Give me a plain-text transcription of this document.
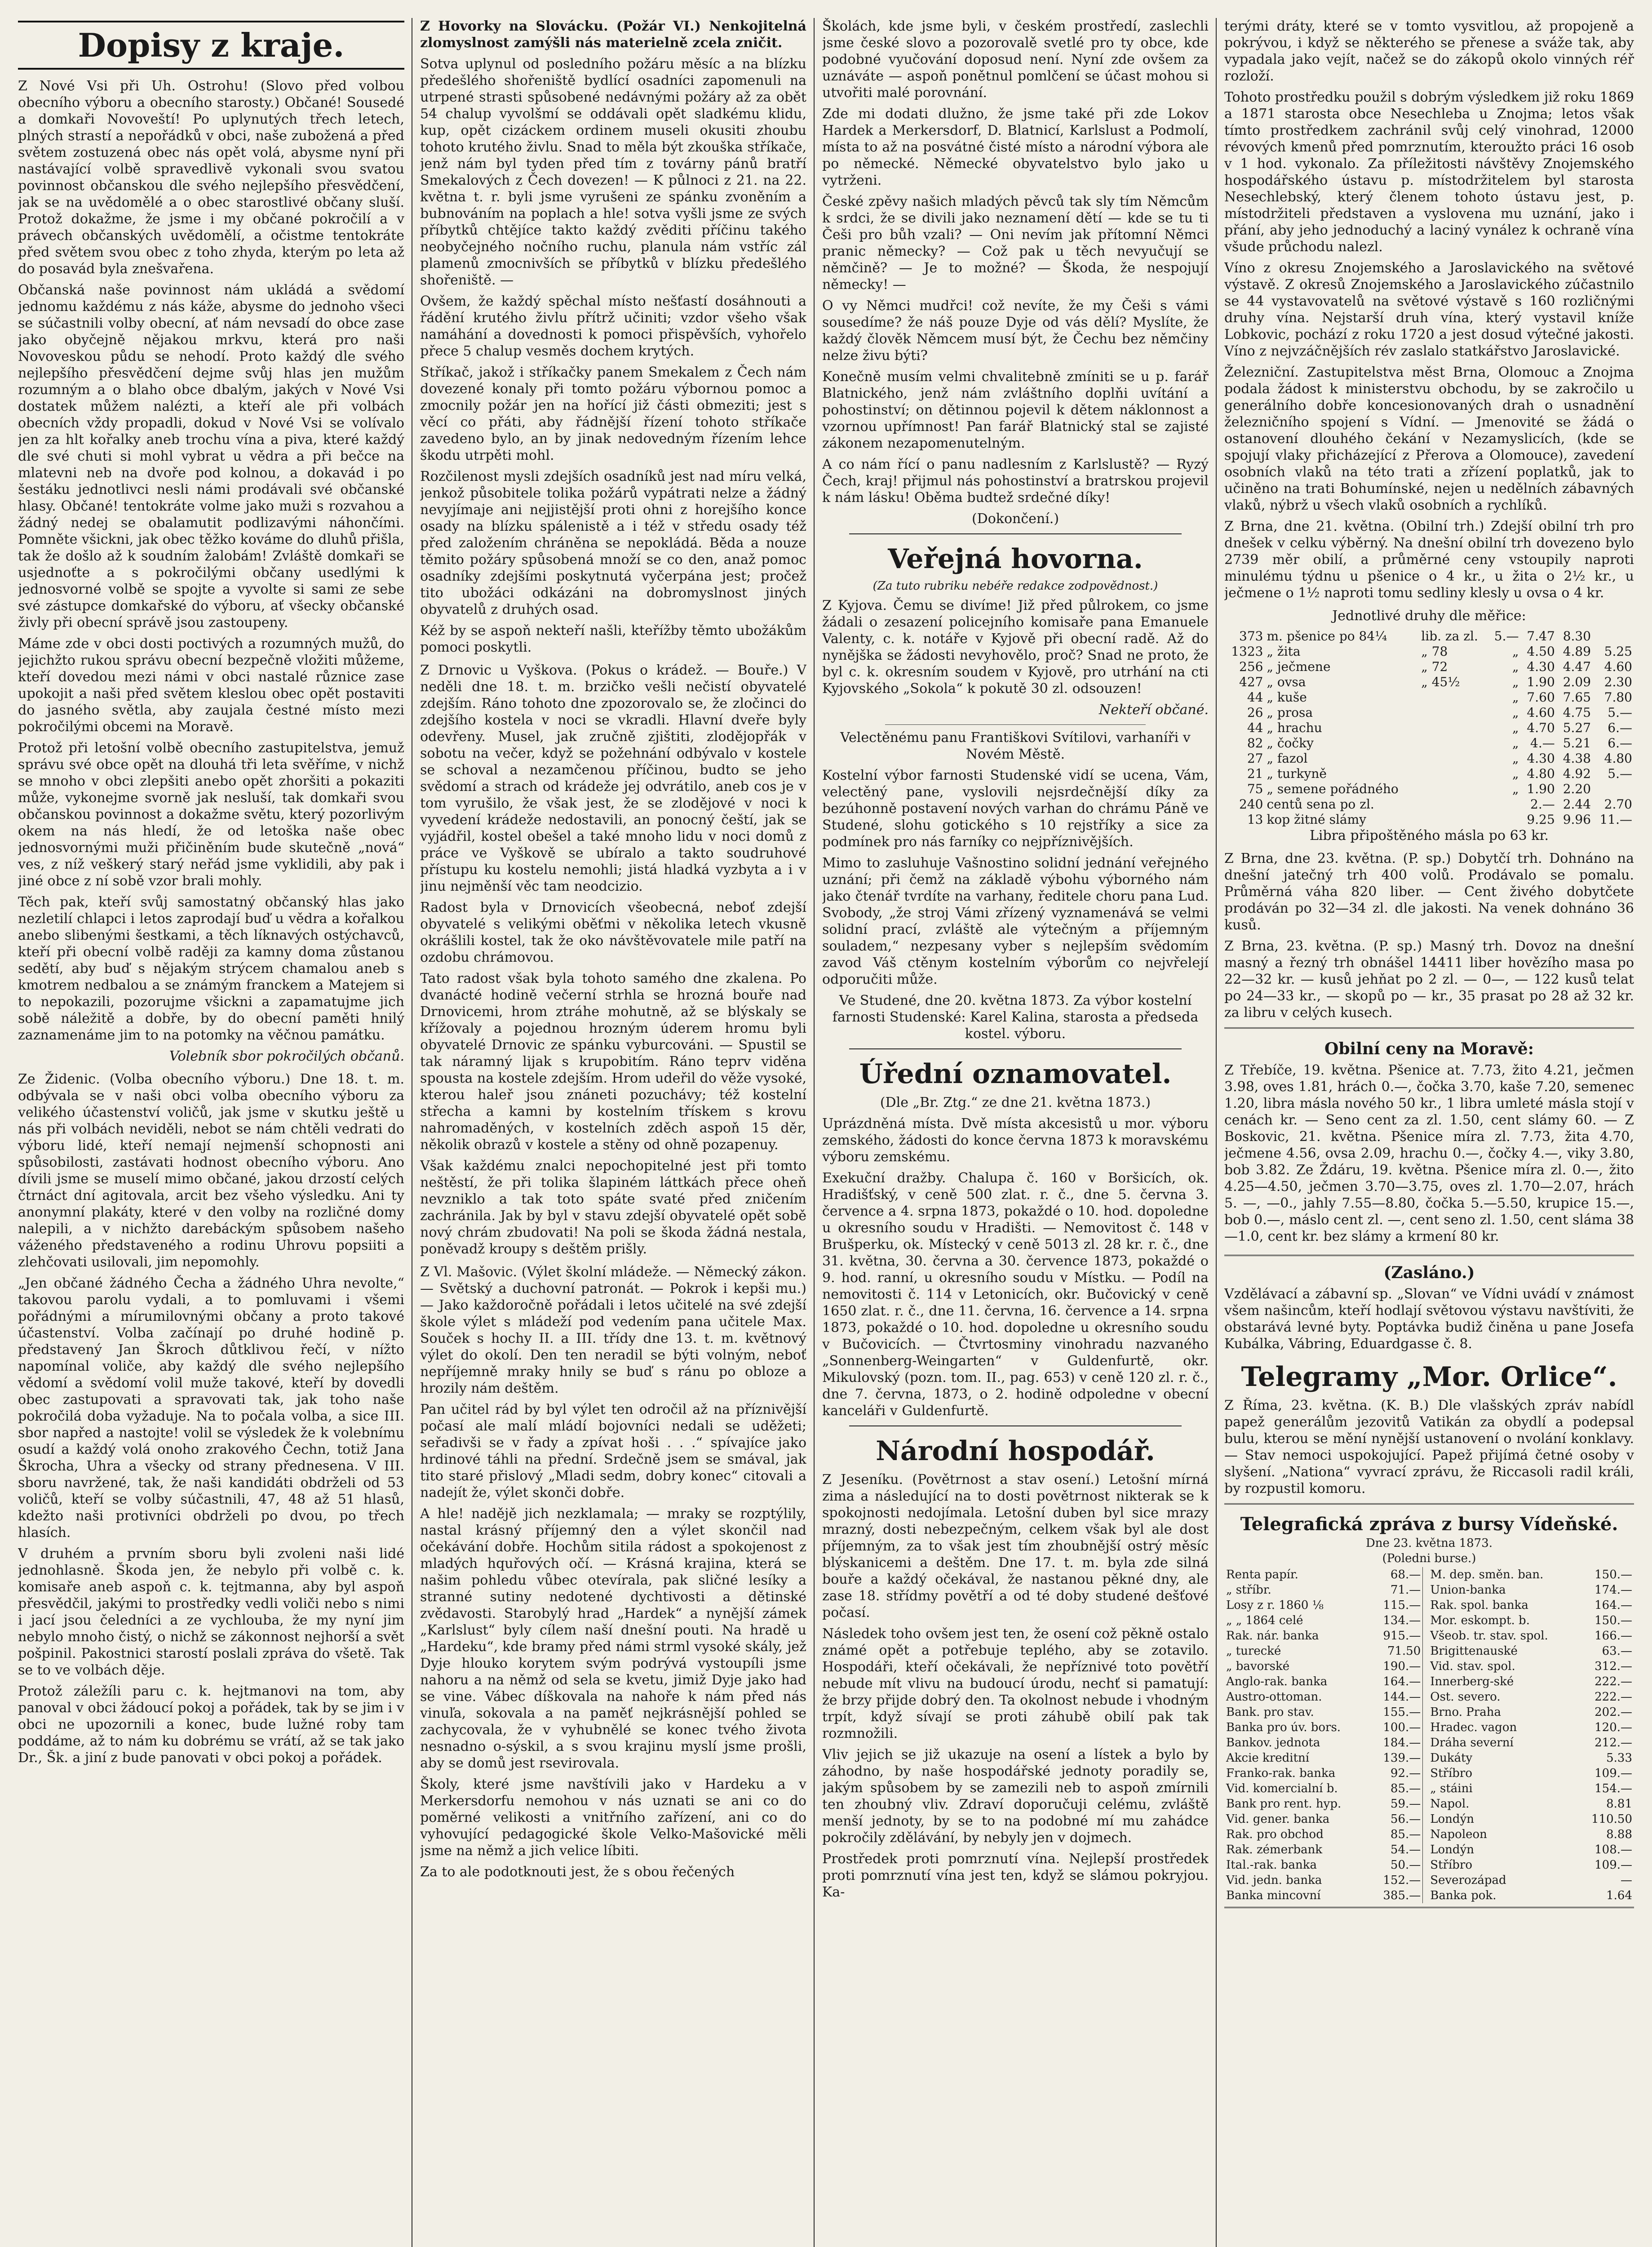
Dopisy z kraje.

Z Nové Vsi při Uh. Ostrohu! (Slovo před volbou obecního výboru a obecního starosty.) Občané! Sousedé a domkaři Novoveští! Po uplynutých třech letech, plných strastí a nepořádků v obci, naše zubožená a před světem zostuzená obec nás opět volá, abysme nyní při nastávající volbě spravedlivě vykonali svou svatou povinnost občanskou dle svého nejlepšího přesvědčení, jak se na uvědomělé a o obec starostlivé občany sluší. Protož dokažme, že jsme i my občané pokročilí a v právech občanských uvědomělí, a očistme tentokráte před světem svou obec z toho zhyda, kterým po leta až do posavád byla znešvařena.

Občanská naše povinnost nám ukládá a svědomí jednomu každému z nás káže, abysme do jednoho všeci se súčastnili volby obecní, ať nám nevsadí do obce zase jako obyčejně nějakou mrkvu, která pro naši Novoveskou půdu se nehodí. Proto každý dle svého nejlepšího přesvědčení dejme svůj hlas jen mužům rozumným a o blaho obce dbalým, jakých v Nové Vsi dostatek můžem nalézti, a kteří ale při volbách obecních vždy propadli, dokud v Nové Vsi se volívalo jen za hlt kořalky aneb trochu vína a piva, které každý dle své chuti si mohl vybrat u vědra a při bečce na mlatevni neb na dvoře pod kolnou, a dokavád i po šestáku jednotlivci nesli námi prodávali své občanské hlasy. Občané! tentokráte volme jako muži s rozvahou a žádný nedej se obalamutit podlizavými náhončími. Pomněte všickni, jak obec těžko kováme do dluhů přišla, tak že došlo až k soudním žalobám! Zvláště domkaři se usjednoťte a s pokročilými občany usedlými k jednosvorné volbě se spojte a vyvolte si sami ze sebe své zástupce domkařské do výboru, ať všecky občanské živly při obecní správě jsou zastoupeny.

Máme zde v obci dosti poctivých a rozumných mužů, do jejichžto rukou správu obecní bezpečně vložiti můžeme, kteří dovedou mezi námi v obci nastalé různice zase upokojit a naši před světem kleslou obec opět postaviti do jasného světla, aby zaujala čestné místo mezi pokročilými obcemi na Moravě.

Protož při letošní volbě obecního zastupitelstva, jemuž správu své obce opět na dlouhá tři leta svěříme, v nichž se mnoho v obci zlepšiti anebo opět zhoršiti a pokaziti může, vykonejme svorně jak nesluší, tak domkaři svou občanskou povinnost a dokažme světu, který pozorlivým okem na nás hledí, že od letoška naše obec jednosvornými muži přičiněním bude skutečně „nová“ ves, z níž veškerý starý neřád jsme vyklidili, aby pak i jiné obce z ní sobě vzor brali mohly.

Těch pak, kteří svůj samostatný občanský hlas jako nezletilí chlapci i letos zaprodají buď u vědra a kořalkou anebo slibenými šestkami, a těch líknavých ostýchavců, kteří při obecní volbě raději za kamny doma zůstanou sedětí, aby buď s nějakým strýcem chamalou aneb s kmotrem nedbalou a se známým franckem a Matejem si to nepokazili, pozorujme všickni a zapamatujme jich sobě náležitě a dobře, by do obecní paměti hnilý zaznamenáme jim to na potomky na věčnou památku.

Volebník sbor pokročilých občanů.

Ze Židenic. (Volba obecního výboru.) Dne 18. t. m. odbývala se v naši obci volba obecního výboru za velikého účastenství voličů, jak jsme v skutku ještě u nás při volbách neviděli, nebot se nám chtěli vedrati do výboru lidé, kteří nemají nejmenší schopnosti ani spůsobilosti, zastávati hodnost obecního výboru. Ano dívili jsme se muselí mimo občané, jakou drzostí celých čtrnáct dní agitovala, arcit bez všeho výsledku. Ani ty anonymní plakáty, které v den volby na rozličné domy nalepili, a v nichžto darebáckým spůsobem našeho váženého představeného a rodinu Uhrovu popsiiti a zlehčovati usilovali, jim nepomohly.

„Jen občané žádného Čecha a žádného Uhra nevolte,“ takovou parolu vydali, a to pomluvami i všemi pořádnými a mírumilovnými občany a proto takové účastenství. Volba začínají po druhé hodině p. představený Jan Škroch důtklivou řečí, v nížto napomínal voliče, aby každý dle svého nejlepšího vědomí a svědomí volil muže takové, kteří by dovedli obec zastupovati a spravovati tak, jak toho naše pokročilá doba vyžaduje. Na to počala volba, a sice III. sbor napřed a nastojte! volil se výsledek že k volebnímu osudí a každý volá onoho zrakového Čechn, totiž Jana Škrocha, Uhra a všecky od strany přednesena. V III. sboru navržené, tak, že naši kandidáti obdrželi od 53 voličů, kteří se volby súčastnili, 47, 48 až 51 hlasů, kdežto naši protivníci obdrželi po dvou, po třech hlasích.

V druhém a prvním sboru byli zvoleni naši lidé jednohlasně. Škoda jen, že nebylo při volbě c. k. komisaře aneb aspoň c. k. tejtmanna, aby byl aspoň přesvědčil, jakými to prostředky vedli voliči nebo s nimi i jací jsou čeledníci a ze vychlouba, že my nyní jim nebylo mnoho čistý, o nichž se zákonnost nejhorší a svět pošpinil. Pakostnici starostí poslali zpráva do všetě. Tak se to ve volbách děje.

Protož záležíli paru c. k. hejtmanovi na tom, aby panoval v obci žádoucí pokoj a pořádek, tak by se jim i v obci ne upozornili a konec, bude lužné roby tam poddáme, až to nám ku dobrému se vrátí, až se tak jako Dr., Šk. a jiní z bude panovati v obci pokoj a pořádek.

Z Hovorky na Slovácku. (Požár VI.) Nenkojitelná zlomyslnost zamýšli nás materielně zcela zničit.

Sotva uplynul od posledního požáru měsíc a na blízku předešlého shořeniště bydlící osadníci zapomenuli na utrpené strasti spůsobené nedávnými požáry až za obět 54 chalup vyvolšmí se oddávali opět sladkému klidu, kup, opět cizáckem ordinem museli okusiti zhoubu tohoto krutého živlu. Snad to měla být zkouška stříkače, jenž nám byl tyden před tím z továrny pánů bratří Smekalových z Čech dovezen! — K půlnoci z 21. na 22. května t. r. byli jsme vyrušeni ze spánku zvoněním a bubnováním na poplach a hle! sotva vyšli jsme ze svých příbytků chtějíce takto každý zvěditi příčinu takého neobyčejného nočního ruchu, planula nám vstříc záľ plamenů zmocnivších se příbytků v blízku předešlého shořeniště. —

Ovšem, že každý spěchal místo nešťastí dosáhnouti a řádění krutého živlu přítrž učiniti; vzdor všeho však namáhání a dovednosti k pomoci přispěvších, vyhořelo přece 5 chalup vesměs dochem krytých.

Stříkač, jakož i stříkačky panem Smekalem z Čech nám dovezené konaly při tomto požáru výbornou pomoc a zmocnily požár jen na hořící již části obmeziti; jest s věcí co přáti, aby řádnější řízení tohoto stříkače zavedeno bylo, an by jinak nedovedným řízením lehce škodu utrpěti mohl.

Rozčilenost mysli zdejších osadníků jest nad míru velká, jenkož působitele tolika požárů vypátrati nelze a žádný nevyjímaje ani nejjistější proti ohni z horejšího konce osady na blízku spálenistě a i též v středu osady též před založením chráněna se nepokládá. Běda a nouze těmito požáry spůsobená množí se co den, anaž pomoc osadníky zdejšími poskytnutá vyčerpána jest; pročež tito ubožáci odkázáni na dobromyslnost jiných obyvatelů z druhých osad.

Kéž by se aspoň nekteří našli, kteřížby těmto ubožákům pomoci poskytli.

Z Drnovic u Vyškova. (Pokus o krádež. — Bouře.) V neděli dne 18. t. m. brzičko vešli nečistí obyvatelé zdejším. Ráno tohoto dne zpozorovalo se, že zločinci do zdejšího kostela v noci se vkradli. Hlavní dveře byly odevřeny. Musel, jak zručně zjištiti, zlodějopřák v sobotu na večer, když se požehnání odbývalo v kostele se schoval a nezamčenou příčinou, budto se jeho svědomí a strach od krádeže jej odvrátilo, aneb cos je v tom vyrušilo, že však jest, že se zlodějové v noci k vyvedení krádeže nedostavili, an ponocný čeští, jak se vyjádřil, kostel obešel a také mnoho lidu v noci domů z práce ve Vyškově se ubíralo a takto soudruhové přístupu ku kostelu nemohli; jistá hladká vyzbyta a i v jinu nejměnší věc tam neodcizio.

Radost byla v Drnovicích všeobecná, neboť zdejší obyvatelé s velikými oběťmi v několika letech vkusně okrášlili kostel, tak že oko návštěvovatele mile patří na ozdobu chrámovou.

Tato radost však byla tohoto samého dne zkalena. Po dvanácté hodině večerní strhla se hrozná bouře nad Drnovicemi, hrom ztráhe mohutně, až se blýskaly se křížovaly a pojednou hrozným úderem hromu byli obyvatelé Drnovic ze spánku vyburcováni. — Spustil se tak náramný lijak s krupobitím. Ráno teprv viděna spousta na kostele zdejším. Hrom udeřil do věže vysoké, kterou haleř jsou znáneti pozuchávy; též kostelní střecha a kamni by kostelním třískem s krovu nahromaděných, v kostelních zděch aspoň 15 děr, několik obrazů v kostele a stěny od ohně pozapenuy.

Však každému znalci nepochopitelné jest při tomto neštěstí, že při tolika šlapiném láttkách přece oheň nevzniklo a tak toto spáte svaté před zničením zachránila. Jak by byl v stavu zdejší obyvatelé opět sobě nový chrám zbudovati! Na poli se škoda žádná nestala, poněvadž kroupy s deštěm prišly.

Z Vl. Mašovic. (Výlet školní mládeže. — Německý zákon. — Světský a duchovní patronát. — Pokrok i kepši mu.) — Jako každoročně pořádali i letos učitelé na své zdejší škole výlet s mládeží pod vedením pana učitele Max. Souček s hochy II. a III. třídy dne 13. t. m. květnový výlet do okolí. Den ten neradil se býti volným, neboť nepříjemně mraky hnily se buď s ránu po obloze a hrozily nám deštěm.

Pan učitel rád by byl výlet ten odročil až na příznivější počasí ale malí mládí bojovníci nedali se uděžeti; seřadivši se v řady a zpívat hoši . . .“ spívajíce jako hrdinové táhli na přední. Srdečně jsem se smával, jak tito staré přislový „Mladi sedm, dobry konec“ citovali a nadejít že, výlet skonči dobře.

A hle! nadějě jich nezklamala; — mraky se rozptýlily, nastal krásný příjemný den a výlet skončil nad očekávání dobře. Hochům sitila rádost a spokojenost z mladých hquřových očí. — Krásná krajina, která se našim pohledu vůbec otevírala, pak sličné lesíky a stranné sutiny nedotené dychtivosti a dětinské zvědavosti. Starobylý hrad „Hardek“ a nynější zámek „Karlslust“ byly cílem naší dnešní pouti. Na hradě u „Hardeku“, kde bramy před námi strml vysoké skály, jež Dyje hlouko korytem svým podrývá vystoupíli jsme nahoru a na němž od sela se kvetu, jimiž Dyje jako had se vine. Vábec díškovala na nahoře k nám před nás vinuľa, sokovala a na paměť nejkrásnější pohled se zachycovala, že v vyhubnělé se konec tvého života nesnadno o-sýskil, a s svou krajinu myslí jsme prošli, aby se domů jest rsevirovala.

Školy, které jsme navštívili jako v Hardeku a v Merkersdorfu nemohou v nás uznati se ani co do poměrné velikosti a vnitřního zařízení, ani co do vyhovující pedagogické škole Velko-Mašovické měli jsme na němž a jich velice líbiti.

Za to ale podotknouti jest, že s obou řečených

Školách, kde jsme byli, v českém prostředí, zaslechli jsme české slovo a pozorovalě svetlé pro ty obce, kde podobné vyučování doposud není. Nyní zde ovšem za uznáváte — aspoň ponětnul pomlčení se účast mohou si utvořiti malé porovnání.

Zde mi dodati dlužno, že jsme také při zde Lokov Hardek a Merkersdorf, D. Blatnicí, Karlslust a Podmolí, místa to až na posvátné čisté místo a národní výbora ale po německé. Německé obyvatelstvo bylo jako u vytrženi.

České zpěvy našich mladých pěvců tak sly tím Němcům k srdci, že se divili jako neznamení dětí — kde se tu ti Češi pro bůh vzali? — Oni nevím jak přítomní Němci pranic německy? — Což pak u těch nevyučují se němčině? — Je to možné? — Škoda, že nespojují německy! —

O vy Němci mudřci! což nevíte, že my Češi s vámi sousedíme? že náš pouze Dyje od vás dělí? Myslíte, že každý člověk Němcem musí být, že Čechu bez němčiny nelze živu býti?

Konečně musím velmi chvalitebně zmíniti se u p. farář Blatnického, jenž nám zvláštního doplňi uvítání a pohostinství; on dětinnou pojevil k dětem náklonnost a vzornou upřímnost! Pan farář Blatnický stal se zajisté zákonem nezapomenutelným.

A co nám řící o panu nadlesním z Karlslustě? — Ryzý Čech, kraj! přijmul nás pohostinství a bratrskou projevil k nám lásku! Oběma budtež srdečné díky!

(Dokončení.)

Veřejná hovorna.
(Za tuto rubriku nebéře redakce zodpovědnost.)

Z Kyjova. Čemu se divíme! Již před půlrokem, co jsme žádali o zesazení policejního komisaře pana Emanuele Valenty, c. k. notáře v Kyjově při obecní radě. Až do nynějška se žádosti nevyhovělo, proč? Snad ne proto, že byl c. k. okresním soudem v Kyjově, pro utrhání na cti Kyjovského „Sokola“ k pokutě 30 zl. odsouzen!

Nekteří občané.

Velectěnému panu Františkovi Svítilovi, varhaníři v Novém Městě.

Kostelní výbor farnosti Studenské vidí se ucena, Vám, velectěný pane, vyslovili nejsrdečnější díky za bezúhonně postavení nových varhan do chrámu Páně ve Studené, slohu gotického s 10 rejstříky a sice za podmínek pro nás farníky co nejpříznivějších.

Mimo to zasluhuje Vašnostino solidní jednání veřejného uznání; při čemž na základě výbohu výborného nám jako čtenář tvrdíte na varhany, ředitele choru pana Lud. Svobody, „že stroj Vámi zřízený vyznamenává se velmi solidní prací, zvláště ale výtečným a příjemným souladem,“ nezpesany vyber s nejlepším svědomím zavod Váš ctěnym kostelním výborům co nejvřelejí odporučiti může.

Ve Studené, dne 20. května 1873. Za výbor kostelní farnosti Studenské: Karel Kalina, starosta a předseda kostel. výboru.

Úřední oznamovatel.

(Dle „Br. Ztg.“ ze dne 21. května 1873.)

Uprázdněná místa. Dvě místa akcesistů u mor. výboru zemského, žádosti do konce června 1873 k moravskému výboru zemskému.

Exekuční dražby. Chalupa č. 160 v Boršicích, ok. Hradišťský, v ceně 500 zlat. r. č., dne 5. června 3. července a 4. srpna 1873, pokaždé o 10. hod. dopoledne u okresního soudu v Hradišti. — Nemovitost č. 148 v Brušperku, ok. Místecký v ceně 5013 zl. 28 kr. r. č., dne 31. května, 30. června a 30. července 1873, pokaždé o 9. hod. ranní, u okresního soudu v Místku. — Podíl na nemovitosti č. 114 v Letonicích, okr. Bučovický v ceně 1650 zlat. r. č., dne 11. června, 16. července a 14. srpna 1873, pokaždé o 10. hod. dopoledne u okresního soudu v Bučovicích. — Čtvrtosminy vinohradu nazvaného „Sonnenberg-Weingarten“ v Guldenfurtě, okr. Mikulovský (pozn. tom. II., pag. 653) v ceně 120 zl. r. č., dne 7. června, 1873, o 2. hodině odpoledne v obecní kanceláři v Guldenfurtě.

Národní hospodář.

Z Jeseníku. (Povětrnost a stav osení.) Letošní mírná zima a následující na to dosti povětrnost nikterak se k spokojnosti nedojímala. Letošní duben byl sice mrazy mrazný, dosti nebezpečným, celkem však byl ale dost příjemným, za to však jest tím zhoubnější ostrý měsíc blýskanicemi a deštěm. Dne 17. t. m. byla zde silná bouře a každý očekával, že nastanou pěkné dny, ale zase 18. střídmy povětří a od té doby studené dešťové počasí.

Následek toho ovšem jest ten, že osení což pěkně ostalo známé opět a potřebuje teplého, aby se zotavilo. Hospodáři, kteří očekávali, že nepříznivé toto povětří nebude mít vlivu na budoucí úrodu, nechť si pamatují: že brzy přijde dobrý den. Ta okolnost nebude i vhodným trpít, když sívají se proti záhubě obilí pak tak rozmnožili.

Vliv jejich se již ukazuje na osení a lístek a bylo by záhodno, by naše hospodářské jednoty poradily se, jakým spůsobem by se zamezili neb to aspoň zmírnili ten zhoubný vliv. Zdraví doporučuji celému, zvláště menší jednoty, by se to na podobné mí mu zahádce pokročily zdělávání, by nebyly jen v dojmech.

Prostředek proti pomrznutí vína. Nejlepší prostředek proti pomrznutí vína jest ten, když se slámou pokryjou. Ka-

terými dráty, které se v tomto vysvitlou, až propojeně a pokrývou, i když se některého se přenese a sváže tak, aby vypadala jako vejít, načež se do zákopů okolo vinných réř rozloží.

Tohoto prostředku použil s dobrým výsledkem již roku 1869 a 1871 starosta obce Nesechleba u Znojma; letos však tímto prostředkem zachránil svůj celý vinohrad, 12000 révových kmenů před pomrznutím, kteroužto práci 16 osob v 1 hod. vykonalo. Za příležitosti návštěvy Znojemského hospodářského ústavu p. místodržitelem byl starosta Nesechlebský, který členem tohoto ústavu jest, p. místodržiteli představen a vyslovena mu uznání, jako i přání, aby jeho jednoduchý a laciný vynález k ochraně vína všude průchodu nalezl.

Víno z okresu Znojemského a Jaroslavického na světové výstavě. Z okresů Znojemského a Jaroslavického zúčastnilo se 44 vystavovatelů na světové výstavě s 160 rozličnými druhy vína. Nejstarší druh vína, který vystavil kníže Lobkovic, pochází z roku 1720 a jest dosud výtečné jakosti. Víno z nejvzáčnějších rév zaslalo statkářstvo Jaroslavické.

Železniční. Zastupitelstva měst Brna, Olomouc a Znojma podala žádost k ministerstvu obchodu, by se zakročilo u generálního dobře koncesionovaných drah o usnadnění železničního spojení s Vídní. — Jmenovité se žádá o ostanovení dlouhého čekání v Nezamyslicích, (kde se spojují vlaky přicházející z Přerova a Olomouce), zavedení osobních vlaků na této trati a zřízení poplatků, jak to učiněno na trati Bohumínské, nejen u nedělních zábavných vlaků, nýbrž u všech vlaků osobních a rychlíků.

Z Brna, dne 21. května. (Obilní trh.) Zdejší obilní trh pro dnešek v celku výběrný. Na dnešní obilní trh dovezeno bylo 2739 měr obilí, a průměrné ceny vstoupily naproti minulému týdnu u pšenice o 4 kr., u žita o 2½ kr., u ječmene o 1½ naproti tomu sedliny klesly u ovsa o 4 kr.

Jednotlivé druhy dle měřice:

373	m. pšenice po 84¼	lib. za zl.	5.—	7.47	8.30	
1323	„ žita	„ 78	„	4.50	4.89	5.25
256	„ ječmene	„ 72	„	4.30	4.47	4.60
427	„ ovsa	„ 45½	„	1.90	2.09	2.30
44	„ kuše		„	7.60	7.65	7.80
26	„ prosa		„	4.60	4.75	5.—
44	„ hrachu		„	4.70	5.27	6.—
82	„ čočky		„	4.—	5.21	6.—
27	„ fazol		„	4.30	4.38	4.80
21	„ turkyně		„	4.80	4.92	5.—
75	„ semene pořádného		„	1.90	2.20	
240	centů sena po zl.			2.—	2.44	2.70
13	kop žitné slámy			9.25	9.96	11.—

Libra připoštěného másla po 63 kr.

Z Brna, dne 23. května. (P. sp.) Dobytčí trh. Dohnáno na dnešní jatečný trh 400 volů. Prodávalo se pomalu. Průměrná váha 820 liber. — Cent živého dobytčete prodáván po 32—34 zl. dle jakosti. Na venek dohnáno 36 kusů.

Z Brna, 23. května. (P. sp.) Masný trh. Dovoz na dnešní masný a řezný trh obnášel 14411 liber hovězího masa po 22—32 kr. — kusů jehňat po 2 zl. — 0—, — 122 kusů telat po 24—33 kr., — skopů po — kr., 35 prasat po 28 až 32 kr. za libru v celých kusech.

Obilní ceny na Moravě:

Z Třebíče, 19. května. Pšenice at. 7.73, žito 4.21, ječmen 3.98, oves 1.81, hrách 0.—, čočka 3.70, kaše 7.20, semenec 1.20, libra másla nového 50 kr., 1 libra umleté másla stojí v cenách kr. — Seno cent za zl. 1.50, cent slámy 60. — Z Boskovic, 21. května. Pšenice míra zl. 7.73, žita 4.70, ječmene 4.56, ovsa 2.09, hrachu 0.—, čočky 4.—, viky 3.80, bob 3.82. Ze Ždáru, 19. května. Pšenice míra zl. 0.—, žito 4.25—4.50, ječmen 3.70—3.75, oves zl. 1.70—2.07, hrách 5. —, —0., jahly 7.55—8.80, čočka 5.—5.50, krupice 15.—, bob 0.—, máslo cent zl. —, cent seno zl. 1.50, cent sláma 38—1.0, cent kr. bez slámy a krmení 80 kr.

(Zasláno.)

Vzdělávací a zábavní sp. „Slovan“ ve Vídni uvádí v známost všem našincům, kteří hodlají světovou výstavu navštíviti, že obstarává levné byty. Poptávka budiž činěna u pane Josefa Kubálka, Vábring, Eduardgasse č. 8.

Telegramy „Mor. Orlice“.

Z Říma, 23. května. (K. B.) Dle vlašských zpráv nabídl papež generálům jezovitů Vatikán za obydlí a podepsal bulu, kterou se mění nynější ustanovení o nvolání konklavy. — Stav nemoci uspokojující. Papež přijímá četné osoby v slyšení. „Nationa“ vyvrací zprávu, že Riccasoli radil králi, by rozpustil komoru.

Telegrafická zpráva z bursy Vídeňské.
Dne 23. května 1873.
(Poledni burse.)
Renta papír.	68.—		M. dep. směn. ban.	150.—
„ stříbr.	71.—		Union-banka	174.—
Losy z r. 1860 ⅛	115.—		Rak. spol. banka	164.—
„ „ 1864 celé	134.—		Mor. eskompt. b.	150.—
Rak. nár. banka	915.—		Všeob. tr. stav. spol.	166.—
„ turecké	71.50		Brigittenauské	63.—
„ bavorské	190.—		Vid. stav. spol.	312.—
Anglo-rak. banka	164.—		Innerberg-ské	222.—
Austro-ottoman.	144.—		Ost. severo.	222.—
Bank. pro stav.	155.—		Brno. Praha	202.—
Banka pro úv. bors.	100.—		Hradec. vagon	120.—
Bankov. jednota	184.—		Dráha severní	212.—
Akcie kreditní	139.—		Dukáty	5.33
Franko-rak. banka	92.—		Stříbro	109.—
Vid. komercialní b.	85.—		„ stáini	154.—
Bank pro rent. hyp.	59.—		Napol.	8.81
Vid. gener. banka	56.—		Londýn	110.50
Rak. pro obchod	85.—		Napoleon	8.88
Rak. zémerbank	54.—		Londýn	108.—
Ital.-rak. banka	50.—		Stříbro	109.—
Vid. jedn. banka	152.—		Severozápad	—
Banka mincovní	385.—		Banka pok.	1.64
